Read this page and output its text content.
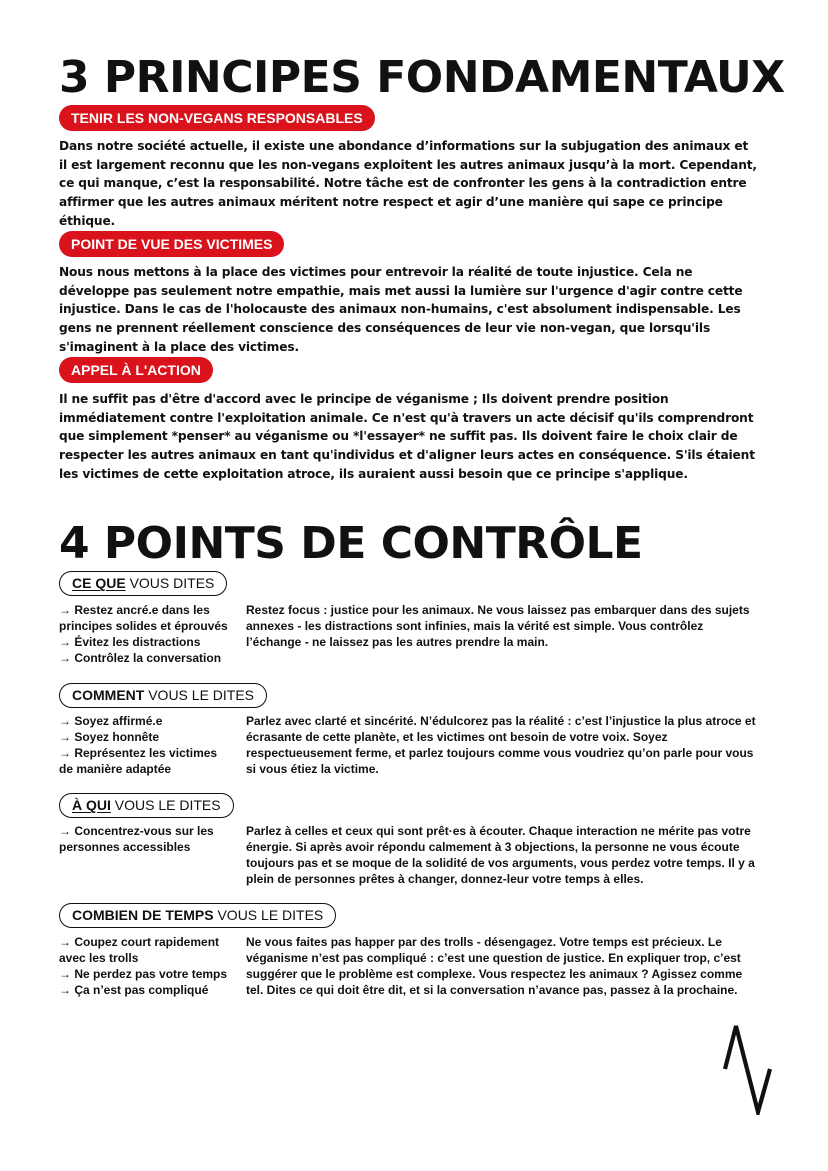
3 PRINCIPES FONDAMENTAUX
TENIR LES NON-VEGANS RESPONSABLES

Dans notre société actuelle, il existe une abondance d’informations sur la subjugation des animaux et il est largement reconnu que les non-vegans exploitent les autres animaux jusqu’à la mort. Cependant, ce qui manque, c’est la responsabilité. Notre tâche est de confronter les gens à la contradiction entre affirmer que les autres animaux méritent notre respect et agir d’une manière qui sape ce principe éthique.

POINT DE VUE DES VICTIMES

Nous nous mettons à la place des victimes pour entrevoir la réalité de toute injustice. Cela ne développe pas seulement notre empathie, mais met aussi la lumière sur l'urgence d'agir contre cette injustice. Dans le cas de l'holocauste des animaux non-humains, c'est absolument indispensable. Les gens ne prennent réellement conscience des conséquences de leur vie non-vegan, que lorsqu'ils s'imaginent à la place des victimes.

APPEL À L'ACTION

Il ne suffit pas d'être d'accord avec le principe de véganisme ; Ils doivent prendre position immédiatement contre l'exploitation animale. Ce n'est qu'à travers un acte décisif qu'ils comprendront que simplement *penser* au véganisme ou *l'essayer* ne suffit pas. Ils doivent faire le choix clair de respecter les autres animaux en tant qu'individus et d'aligner leurs actes en conséquence. S'ils étaient les victimes de cette exploitation atroce, ils auraient aussi besoin que ce principe s'applique.

4 POINTS DE CONTRÔLE
CE QUE VOUS DITES
→ Restez ancré.e dans les principes solides et éprouvés
→ Évitez les distractions
→ Contrôlez la conversation

Restez focus : justice pour les animaux. Ne vous laissez pas embarquer dans des sujets annexes - les distractions sont infinies, mais la vérité est simple. Vous contrôlez l’échange - ne laissez pas les autres prendre la main.

COMMENT VOUS LE DITES
→ Soyez affirmé.e
→ Soyez honnête
→ Représentez les victimes de manière adaptée

Parlez avec clarté et sincérité. N’édulcorez pas la réalité : c’est l’injustice la plus atroce et écrasante de cette planète, et les victimes ont besoin de votre voix. Soyez respectueusement ferme, et parlez toujours comme vous voudriez qu’on parle pour vous si vous étiez la victime.

À QUI VOUS LE DITES
→ Concentrez-vous sur les personnes accessibles

Parlez à celles et ceux qui sont prêt·es à écouter. Chaque interaction ne mérite pas votre énergie. Si après avoir répondu calmement à 3 objections, la personne ne vous écoute toujours pas et se moque de la solidité de vos arguments, vous perdez votre temps. Il y a plein de personnes prêtes à changer, donnez-leur votre temps à elles.

COMBIEN DE TEMPS VOUS LE DITES
→ Coupez court rapidement avec les trolls
→ Ne perdez pas votre temps
→ Ça n’est pas compliqué

Ne vous faites pas happer par des trolls - désengagez. Votre temps est précieux. Le véganisme n’est pas compliqué : c’est une question de justice. En expliquer trop, c’est suggérer que le problème est complexe. Vous respectez les animaux ? Agissez comme tel. Dites ce qui doit être dit, et si la conversation n’avance pas, passez à la prochaine.
